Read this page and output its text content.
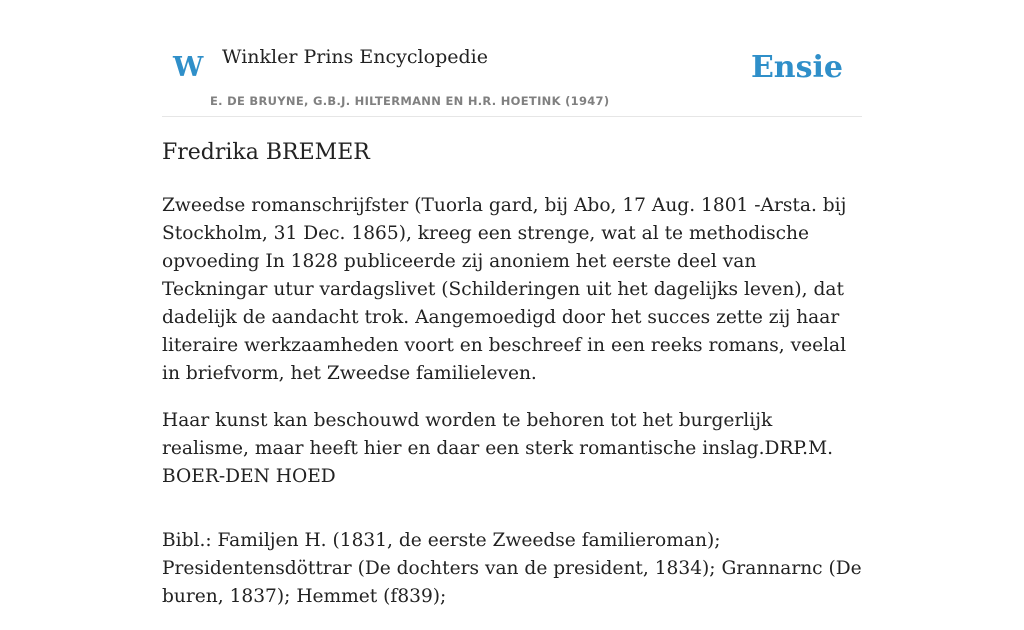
W Winkler Prins Encyclopedie
E. DE BRUYNE, G.B.J. HILTERMANN EN H.R. HOETINK (1947)
Ensie
Fredrika BREMER

Zweedse romanschrijfster (Tuorla gard, bij Abo, 17 Aug. 1801 -Arsta. bij Stockholm, 31 Dec. 1865), kreeg een strenge, wat al te methodische opvoeding In 1828 publiceerde zij anoniem het eerste deel van Teckningar utur vardagslivet (Schilderingen uit het dagelijks leven), dat dadelijk de aandacht trok. Aangemoedigd door het succes zette zij haar literaire werkzaamheden voort en beschreef in een reeks romans, veelal in briefvorm, het Zweedse familieleven.

Haar kunst kan beschouwd worden te behoren tot het burgerlijk realisme, maar heeft hier en daar een sterk romantische inslag.DRP.M. BOER-DEN HOED

Bibl.: Familjen H. (1831, de eerste Zweedse familieroman); Presidentensdöttrar (De dochters van de president, 1834); Grannarnc (De buren, 1837); Hemmet (f839);
